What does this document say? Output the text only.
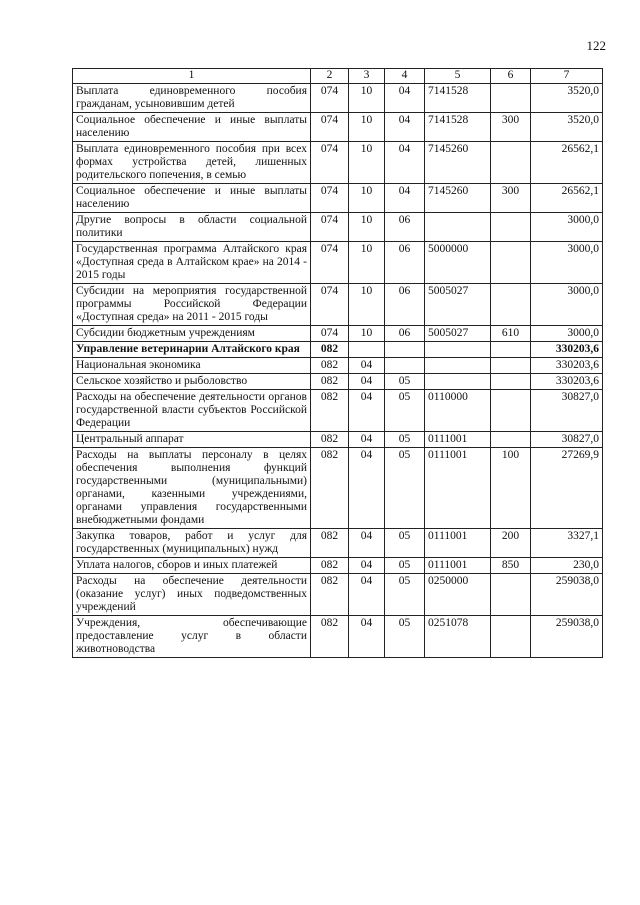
122
1	2	3	4	5	6	7
Выплата единовременного пособия гражданам, усыновившим детей	074	10	04	7141528		3520,0
Социальное обеспечение и иные выплаты населению	074	10	04	7141528	300	3520,0
Выплата единовременного пособия при всех формах устройства детей, лишенных родительского попечения, в семью	074	10	04	7145260		26562,1
Социальное обеспечение и иные выплаты населению	074	10	04	7145260	300	26562,1
Другие вопросы в области социальной политики	074	10	06			3000,0
Государственная программа Алтайского края «Доступная среда в Алтайском крае» на 2014 - 2015 годы	074	10	06	5000000		3000,0
Субсидии на мероприятия государственной программы Российской Федерации «Доступная среда» на 2011 - 2015 годы	074	10	06	5005027		3000,0
Субсидии бюджетным учреждениям	074	10	06	5005027	610	3000,0
Управление ветеринарии Алтайского края	082					330203,6
Национальная экономика	082	04				330203,6
Сельское хозяйство и рыболовство	082	04	05			330203,6
Расходы на обеспечение деятельности органов государственной власти субъектов Российской Федерации	082	04	05	0110000		30827,0
Центральный аппарат	082	04	05	0111001		30827,0
Расходы на выплаты персоналу в целях обеспечения выполнения функций государственными (муниципальными) органами, казенными учреждениями, органами управления государственными внебюджетными фондами	082	04	05	0111001	100	27269,9
Закупка товаров, работ и услуг для государственных (муниципальных) нужд	082	04	05	0111001	200	3327,1
Уплата налогов, сборов и иных платежей	082	04	05	0111001	850	230,0
Расходы на обеспечение деятельности (оказание услуг) иных подведомственных учреждений	082	04	05	0250000		259038,0
Учреждения, обеспечивающие предоставление услуг в области животноводства	082	04	05	0251078		259038,0
